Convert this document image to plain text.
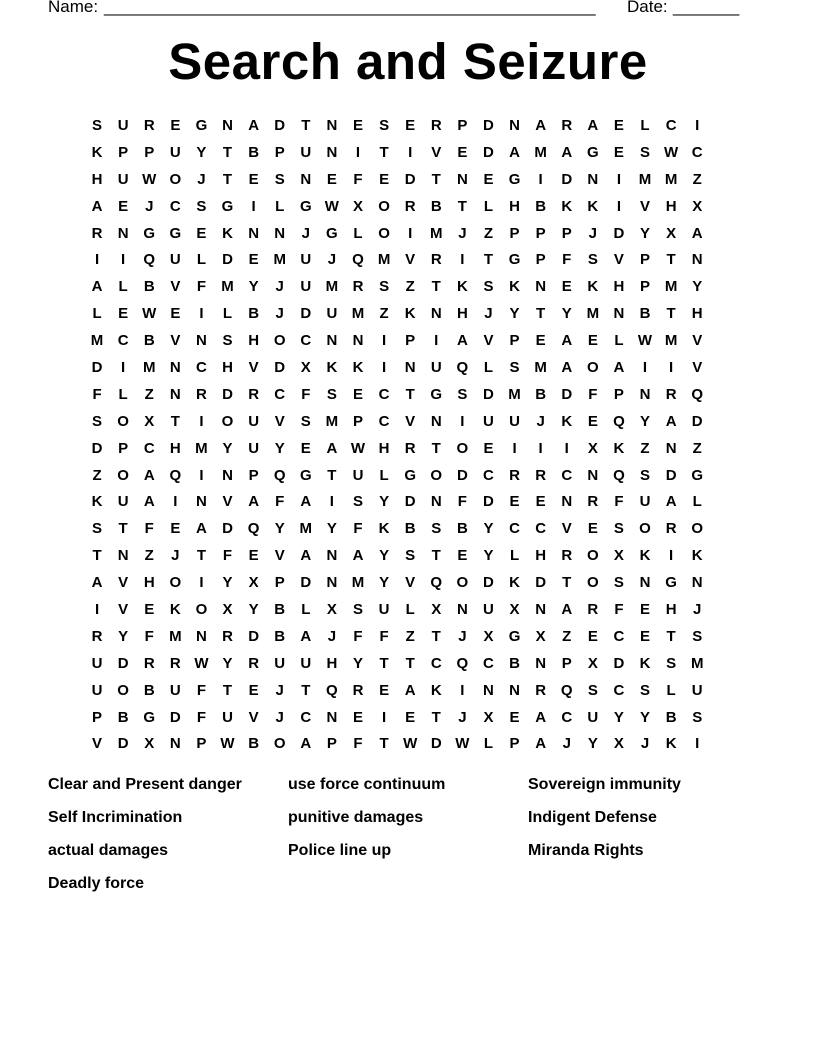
Name: ____________________________________________________ Date: _______
Search and Seizure
S	U	R	E	G N	A	D	T	N	E	S	E	R	P	D	N	A	R	A	E	L	C	I
K	P	P	U	Y	T	B	P	U	N	I	T	I	V	E	D	A M A G	E	S W C
H	U W O	J	T	E	S	N	E	F	E	D	T	N	E	G	I	D	N	I	M M	Z
A	E	J	C	S	G	I	L	G W X	O R	B	T	L	H	B	K	K	I	V	H	X
R	N G G	E	K	N	N	J	G	L	O	I	M	J	Z	P	P	P	J	D	Y	X	A
I	I	Q U	L	D	E M U	J	Q M V	R	I	T	G	P	F	S	V	P	T	N
A	L	B	V	F	M Y	J	U M R	S	Z	T	K	S	K	N	E	K	H	P M Y
L	E W E	I	L	B	J	D	U M	Z	K	N	H	J	Y	T	Y M N	B	T	H
M C	B	V	N	S	H O C	N	N	I	P	I	A	V	P	E	A	E	L W M V
D	I	M N	C	H	V	D	X	K	K	I	N	U Q	L	S M A O A	I	I	V
F	L	Z	N	R	D	R	C	F	S	E	C	T	G	S	D M B	D	F	P	N	R Q
S	O	X	T	I	O U	V	S M P	C	V	N	I	U	U	J	K	E	Q	Y	A	D
D	P	C	H M Y	U	Y	E	A W H	R	T	O	E	I	I	I	X	K	Z	N	Z
Z	O A Q	I	N	P	Q G	T	U	L	G O D	C	R	R	C	N Q	S	D G
K	U	A	I	N	V	A	F	A	I	S	Y	D	N	F	D	E	E	N	R	F	U	A	L
S	T	F	E	A	D Q	Y M Y	F	K	B	S	B	Y	C	C	V	E	S	O R O
T	N	Z	J	T	F	E	V	A	N	A	Y	S	T	E	Y	L	H	R O	X	K	I	K
A	V	H O	I	Y	X	P	D	N M Y	V	Q O D	K	D	T	O	S	N G N
I	V	E	K O	X	Y	B	L	X	S	U	L	X	N	U	X	N	A	R	F	E	H	J
R	Y	F	M N	R	D	B	A	J	F	F	Z	T	J	X	G	X	Z	E	C	E	T	S
U	D	R	R W Y	R	U	U	H	Y	T	T	C Q C	B	N	P	X	D	K	S M
U O B	U	F	T	E	J	T	Q R	E	A	K	I	N	N	R Q	S	C	S	L	U
P	B G D	F	U	V	J	C	N	E	I	E	T	J	X	E	A	C	U	Y	Y	B	S
V	D	X	N	P W B O A	P	F	T W D W L	P	A	J	Y	X	J	K	I
Clear and Present danger	use force continuum	Sovereign immunity
Self Incrimination	punitive damages	Indigent Defense
actual damages	Police line up	Miranda Rights
Deadly force
